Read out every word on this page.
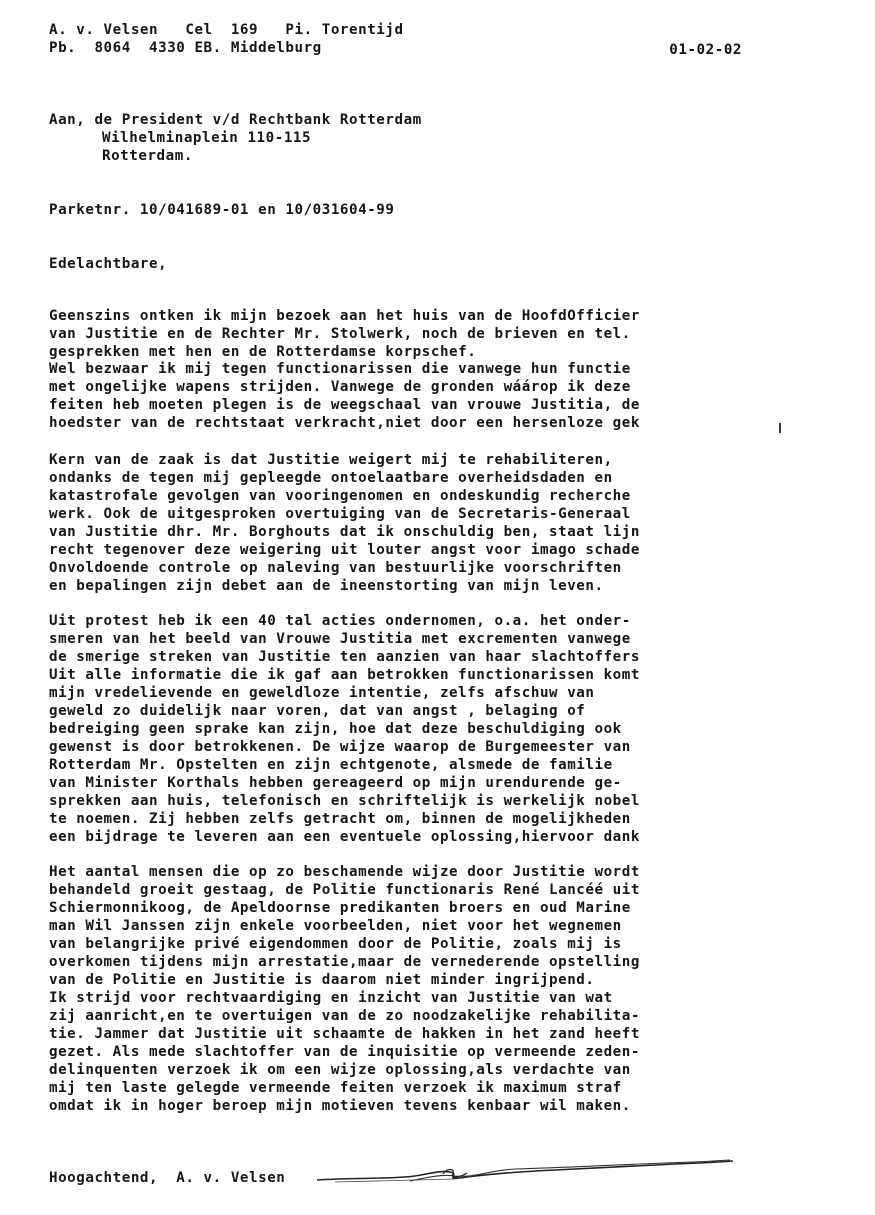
A. v. Velsen   Cel  169   Pi. Torentijd
Pb.  8064  4330 EB. Middelburg	01-02-02
Aan, de President v/d Rechtbank Rotterdam
Wilhelminaplein 110-115
Rotterdam.
Parketnr. 10/041689-01 en 10/031604-99
Edelachtbare,
Geenszins ontken ik mijn bezoek aan het huis van de HoofdOfficier
van Justitie en de Rechter Mr. Stolwerk, noch de brieven en tel.
gesprekken met hen en de Rotterdamse korpschef.
Wel bezwaar ik mij tegen functionarissen die vanwege hun functie
met ongelijke wapens strijden. Vanwege de gronden wáárop ik deze
feiten heb moeten plegen is de weegschaal van vrouwe Justitia, de
hoedster van de rechtstaat verkracht,niet door een hersenloze gek
Kern van de zaak is dat Justitie weigert mij te rehabiliteren,
ondanks de tegen mij gepleegde ontoelaatbare overheidsdaden en
katastrofale gevolgen van vooringenomen en ondeskundig recherche
werk. Ook de uitgesproken overtuiging van de Secretaris-Generaal
van Justitie dhr. Mr. Borghouts dat ik onschuldig ben, staat lijn
recht tegenover deze weigering uit louter angst voor imago schade
Onvoldoende controle op naleving van bestuurlijke voorschriften
en bepalingen zijn debet aan de ineenstorting van mijn leven.
Uit protest heb ik een 40 tal acties ondernomen, o.a. het onder-
smeren van het beeld van Vrouwe Justitia met excrementen vanwege
de smerige streken van Justitie ten aanzien van haar slachtoffers
Uit alle informatie die ik gaf aan betrokken functionarissen komt
mijn vredelievende en geweldloze intentie, zelfs afschuw van
geweld zo duidelijk naar voren, dat van angst , belaging of
bedreiging geen sprake kan zijn, hoe dat deze beschuldiging ook
gewenst is door betrokkenen. De wijze waarop de Burgemeester van
Rotterdam Mr. Opstelten en zijn echtgenote, alsmede de familie
van Minister Korthals hebben gereageerd op mijn urendurende ge-
sprekken aan huis, telefonisch en schriftelijk is werkelijk nobel
te noemen. Zij hebben zelfs getracht om, binnen de mogelijkheden
een bijdrage te leveren aan een eventuele oplossing,hiervoor dank
Het aantal mensen die op zo beschamende wijze door Justitie wordt
behandeld groeit gestaag, de Politie functionaris René Lancéé uit
Schiermonnikoog, de Apeldoornse predikanten broers en oud Marine
man Wil Janssen zijn enkele voorbeelden, niet voor het wegnemen
van belangrijke privé eigendommen door de Politie, zoals mij is
overkomen tijdens mijn arrestatie,maar de vernederende opstelling
van de Politie en Justitie is daarom niet minder ingrijpend.
Ik strijd voor rechtvaardiging en inzicht van Justitie van wat
zij aanricht,en te overtuigen van de zo noodzakelijke rehabilita-
tie. Jammer dat Justitie uit schaamte de hakken in het zand heeft
gezet. Als mede slachtoffer van de inquisitie op vermeende zeden-
delinquenten verzoek ik om een wijze oplossing,als verdachte van
mij ten laste gelegde vermeende feiten verzoek ik maximum straf
omdat ik in hoger beroep mijn motieven tevens kenbaar wil maken.
Hoogachtend,  A. v. Velsen
